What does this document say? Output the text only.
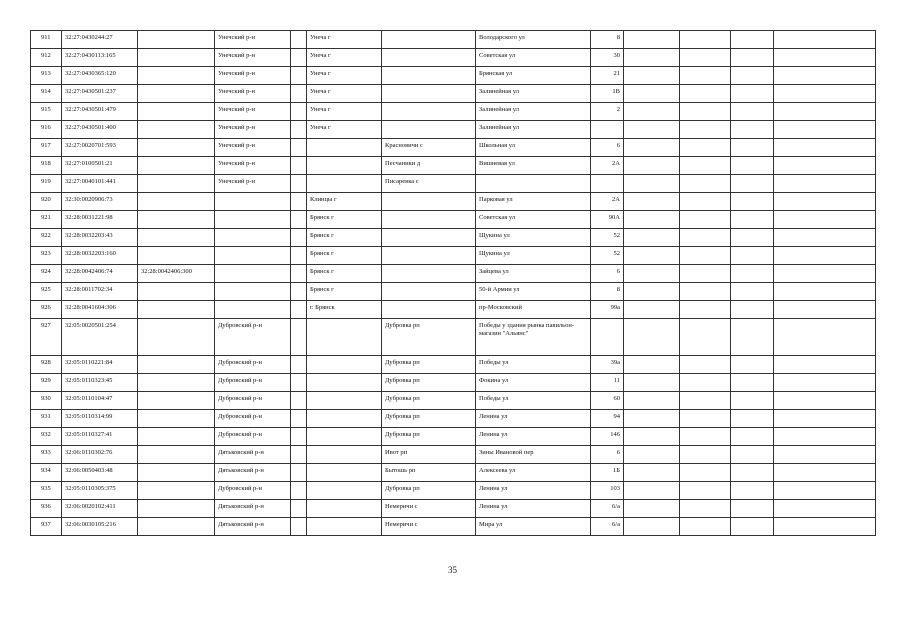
911	32:27:0430244:27		Унечский р-н		Унеча г		Володарского ул	8				

912	32:27:0430113:165		Унечский р-н		Унеча г		Советская ул	30				

913	32:27:0430365:120		Унечский р-н		Унеча г		Брянская ул	21				

914	32:27:0430501:237		Унечский р-н		Унеча г		Залинейная ул	1В				

915	32:27:0430501:479		Унечский р-н		Унеча г		Залинейная ул	2				

916	32:27:0430501:400		Унечский р-н		Унеча г		Залинейная ул					

917	32:27:0020701:593		Унечский р-н			Красновичи с	Школьная ул	6				

918	32:27:0100501:21		Унечский р-н			Песчаники д	Вишневая ул	2А				

919	32:27:0040101:441		Унечский р-н			Писаревка с						

920	32:30:0020906:73				Клинцы г		Парковая ул	2А				

921	32:28:0031221:98				Брянск г		Советская ул	90А				

922	32:28:0032203:43				Брянск г		Щукина ул	52				

923	32:28:0032203:160				Брянск г		Щукина ул	52				

924	32:28:0042406:74	32:28:0042406:300			Брянск г		Зайцева ул	6				

925	32:28:0011702:34				Брянск г		50-й Армии ул	8				

926	32:28:0041604:306				г. Брянск		пр-Московский	99а				

927	32:05:0020501:254		Дубровский р-н			Дубровка рп	Победы у здания рынка павильон- магазин "Альянс"					

928	32:05:0110221:84		Дубровский р-н			Дубровка рп	Победы ул	39а				

929	32:05:0110323:45		Дубровский р-н			Дубровка рп	Фокина ул	11				

930	32:05:0110104:47		Дубровский р-н			Дубровка рп	Победы ул	60				

931	32:05:0110314:99		Дубровский р-н			Дубровка рп	Ленина ул	94				

932	32:05:0110327:41		Дубровский р-н			Дубровка рп	Ленина ул	146				

933	32:06:0110302:76		Дятьковский р-н			Ивот рп	Зины Ивановой пер	6				

934	32:06:0050403:48		Дятьковский р-н			Бытошь рп	Алексеева ул	1Б				

935	32:05:0110305:375		Дубровский р-н			Дубровка рп	Ленина ул	103				

936	32:06:0020102:411		Дятьковский р-н			Немеричи с	Ленина ул	6/а				

937	32:06:0030105:216		Дятьковский р-н			Немеричи с	Мира ул	6/а				

35
